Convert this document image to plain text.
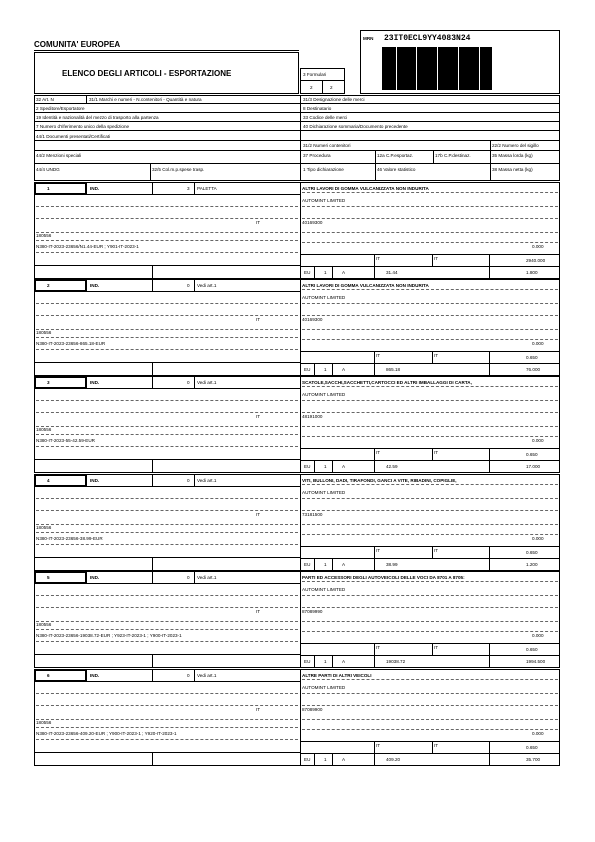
COMUNITA' EUROPEA
ELENCO DEGLI ARTICOLI - ESPORTAZIONE	3 Formulari
2	2
MRN 23IT0ECL9YY4083N24
32 Art. N	31/1 Marchi e numeri - N.contenitori - Quantità e natura	31/3 Designazione delle merci
2 Speditore/Esportatore	8 Destinatario
19 Identità e nazionalità del mezzo di trasporto alla partenza	33 Codice delle merci
7 Numero d'riferimento unico della spedizione	40 Dichiarazione sommaria/Documento precedente
44/1 Documenti presentati/Certificati
31/2 Numeri contenitori	22/2 Numero del sigillo
44/2 Menzioni speciali	37 Procedura	12a C.P.esportaz.	17b C.P.destinaz.	35 Massa lorda (kg)
44/4 UNDG	32/5 Col.m.p.spese trasp.	1 Tipo dichiarazione	46 Valore statistico	38 Massa netta (kg)
1	IND.	3 PALETTA	ALTRI LAVORI DI GOMMA VULCANIZZATA NON INDURITA
AUTOMINT LIMITED
IT	40169300
180556
N380-IT-2023-23656/N1.44-EUR ; Y901-IT-2023-1	0.000
IT	IT	2940.000
EU	1	A	31.44	1.800
2	IND.	0 Vedi art.1	ALTRI LAVORI DI GOMMA VULCANIZZATA NON INDURITA
AUTOMINT LIMITED
IT	40169300
180556
N380-IT-2023-23656-865.18-EUR	0.000
IT	IT	0.650
EU	1	A	865.18	76.000
3	IND.	0 Vedi art.1	SCATOLE,SACCHI,SACCHETTI,CARTOCCI ED ALTRI IMBALLAGGI DI CARTA,
AUTOMINT LIMITED
IT	48191000
180556
N380-IT-2023-55-42.59-EUR	0.000
IT	IT	0.650
EU	1	A	42.59	17.000
4	IND.	0 Vedi art.1	VITI, BULLONI, DADI, TIRAFONDI, GANCI A VITE, RIBADINI, COPIGLIE,
AUTOMINT LIMITED
IT	73181500
180556
N380-IT-2023-23656-38.99-EUR	0.000
IT	IT	0.650
EU	1	A	38.99	1.200
5	IND.	0 Vedi art.1	PARTI ED ACCESSORI DEGLI AUTOVEICOLI DELLE VOCI DA 8701 A 8705:
AUTOMINT LIMITED
IT	87089990
180556
N380-IT-2023-23656-19038.72-EUR ; Y923-IT-2023-1 ; Y900-IT-2023-1	0.000
IT	IT	0.650
EU	1	A	19038.72	1994.500
6	IND.	0 Vedi art.1	ALTRE PARTI DI ALTRI VEICOLI
AUTOMINT LIMITED
IT	87089900
180556
N380-IT-2023-23656-409.20-EUR ; Y900-IT-2023-1 ; Y920-IT-2023-1	0.000
IT	IT	0.650
EU	1	A	409.20	35.700
